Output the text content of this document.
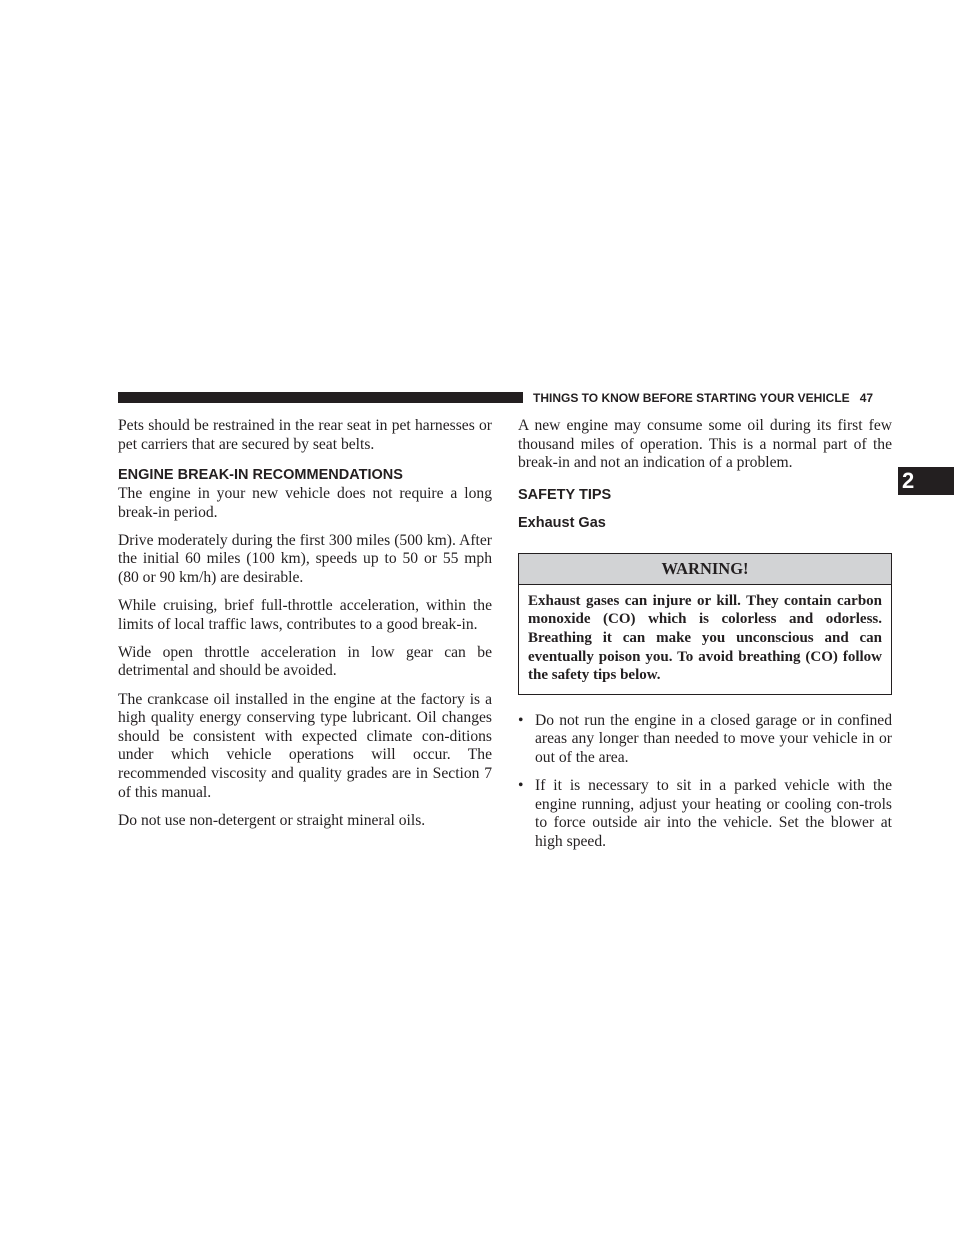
THINGS TO KNOW BEFORE STARTING YOUR VEHICLE 47
2

Pets should be restrained in the rear seat in pet harnesses or pet carriers that are secured by seat belts.

ENGINE BREAK-IN RECOMMENDATIONS

The engine in your new vehicle does not require a long break-in period.

Drive moderately during the first 300 miles (500 km). After the initial 60 miles (100 km), speeds up to 50 or 55 mph (80 or 90 km/h) are desirable.

While cruising, brief full-throttle acceleration, within the limits of local traffic laws, contributes to a good break-in.

Wide open throttle acceleration in low gear can be detrimental and should be avoided.

The crankcase oil installed in the engine at the factory is a high quality energy conserving type lubricant. Oil changes should be consistent with expected climate con-ditions under which vehicle operations will occur. The recommended viscosity and quality grades are in Section 7 of this manual.

Do not use non-detergent or straight mineral oils.

A new engine may consume some oil during its first few thousand miles of operation. This is a normal part of the break-in and not an indication of a problem.

SAFETY TIPS
Exhaust Gas
WARNING!
Exhaust gases can injure or kill. They contain carbon monoxide (CO) which is colorless and odorless. Breathing it can make you unconscious and can eventually poison you. To avoid breathing (CO) follow the safety tips below.
• Do not run the engine in a closed garage or in confined areas any longer than needed to move your vehicle in or out of the area.
• If it is necessary to sit in a parked vehicle with the engine running, adjust your heating or cooling con-trols to force outside air into the vehicle. Set the blower at high speed.
